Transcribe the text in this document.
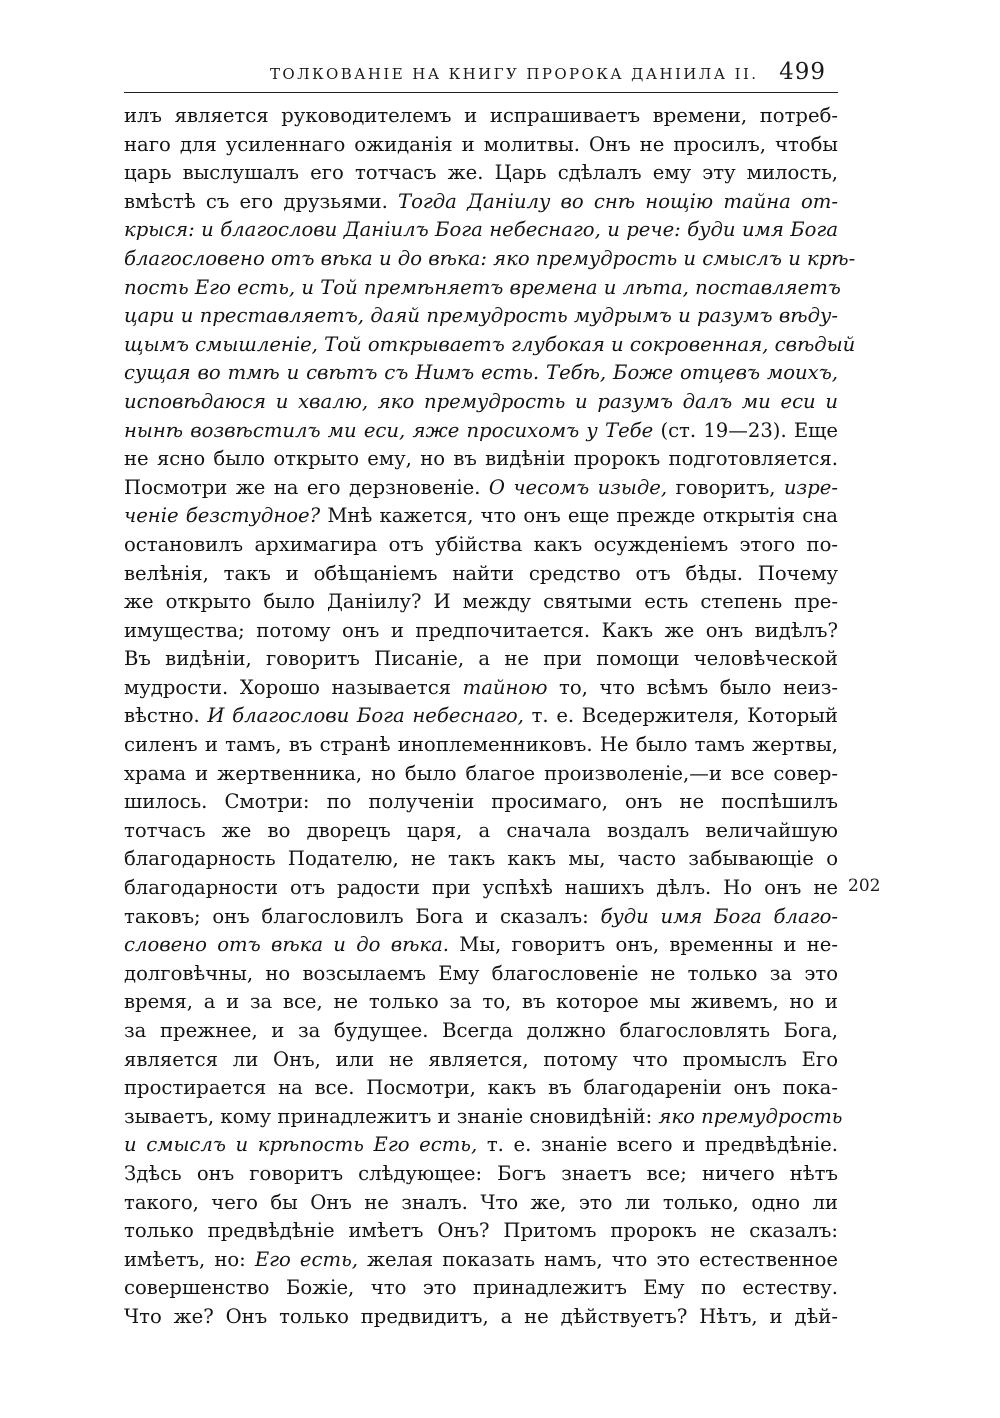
ТОЛКОВАНІЕ НА КНИГУ ПРОРОКА ДАНІИЛА II. 499
илъ является руководителемъ и испрашиваетъ времени, потреб-
наго для усиленнаго ожиданія и молитвы. Онъ не просилъ, чтобы
царь выслушалъ его тотчасъ же. Царь сдѣлалъ ему эту милость,
вмѣстѣ съ его друзьями. Тогда Даніилу во снѣ нощію тайна от-
крыся: и благослови Даніилъ Бога небеснаго, и рече: буди имя Бога
благословено отъ вѣка и до вѣка: яко премудрость и смыслъ и крѣ-
пость Его есть, и Той премѣняетъ времена и лѣта, поставляетъ
цари и преставляетъ, даяй премудрость мудрымъ и разумъ вѣду-
щымъ смышленіе, Той открываетъ глубокая и сокровенная, свѣдый
сущая во тмѣ и свѣтъ съ Нимъ есть. Тебѣ, Боже отцевъ моихъ,
исповѣдаюся и хвалю, яко премудрость и разумъ далъ ми еси и
нынѣ возвѣстилъ ми еси, яже просихомъ у Тебе (ст. 19—23). Еще
не ясно было открыто ему, но въ видѣніи пророкъ подготовляется.
Посмотри же на его дерзновеніе. О чесомъ изыде, говоритъ, изре-
ченіе безстудное? Мнѣ кажется, что онъ еще прежде открытія сна
остановилъ архимагира отъ убійства какъ осужденіемъ этого по-
велѣнія, такъ и обѣщаніемъ найти средство отъ бѣды. Почему
же открыто было Даніилу? И между святыми есть степень пре-
имущества; потому онъ и предпочитается. Какъ же онъ видѣлъ?
Въ видѣніи, говоритъ Писаніе, а не при помощи человѣческой
мудрости. Хорошо называется тайною то, что всѣмъ было неиз-
вѣстно. И благослови Бога небеснаго, т. е. Вседержителя, Который
силенъ и тамъ, въ странѣ иноплеменниковъ. Не было тамъ жертвы,
храма и жертвенника, но было благое произволеніе,—и все совер-
шилось. Смотри: по полученіи просимаго, онъ не поспѣшилъ
тотчасъ же во дворецъ царя, а сначала воздалъ величайшую
благодарность Подателю, не такъ какъ мы, часто забывающіе о
благодарности отъ радости при успѣхѣ нашихъ дѣлъ. Но онъ не
таковъ; онъ благословилъ Бога и сказалъ: буди имя Бога благо-
словено отъ вѣка и до вѣка. Мы, говоритъ онъ, временны и не-
долговѣчны, но возсылаемъ Ему благословеніе не только за это
время, а и за все, не только за то, въ которое мы живемъ, но и
за прежнее, и за будущее. Всегда должно благословлять Бога,
является ли Онъ, или не является, потому что промыслъ Его
простирается на все. Посмотри, какъ въ благодареніи онъ пока-
зываетъ, кому принадлежитъ и знаніе сновидѣній: яко премудрость
и смыслъ и крѣпость Его есть, т. е. знаніе всего и предвѣдѣніе.
Здѣсь онъ говоритъ слѣдующее: Богъ знаетъ все; ничего нѣтъ
такого, чего бы Онъ не зналъ. Что же, это ли только, одно ли
только предвѣдѣніе имѣетъ Онъ? Притомъ пророкъ не сказалъ:
имѣетъ, но: Его есть, желая показать намъ, что это естественное
совершенство Божіе, что это принадлежитъ Ему по естеству.
Что же? Онъ только предвидитъ, а не дѣйствуетъ? Нѣтъ, и дѣй-
202
